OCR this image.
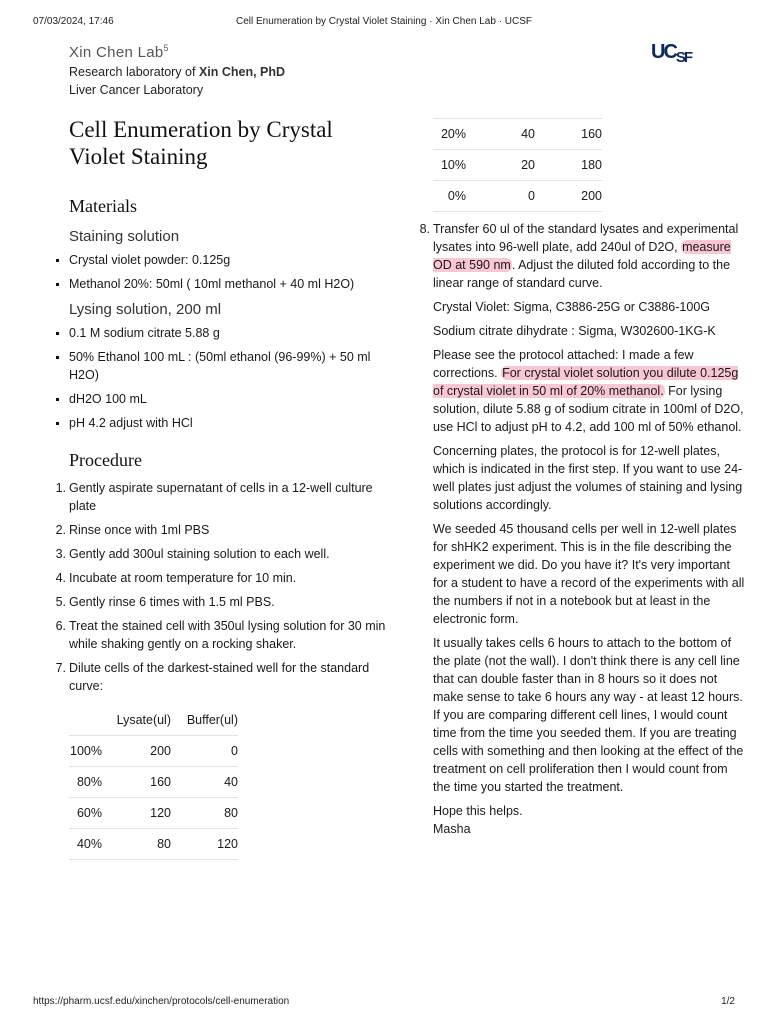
07/03/2024, 17:46	Cell Enumeration by Crystal Violet Staining · Xin Chen Lab · UCSF
https://pharm.ucsf.edu/xinchen/protocols/cell-enumeration	1/2
Xin Chen Lab$^5$
Research laboratory of Xin Chen, PhD
Liver Cancer Laboratory
$UC_{SF}$
Cell Enumeration by Crystal Violet Staining
Materials
Staining solution
Crystal violet powder: 0.125g
Methanol 20%: 50ml ( 10ml methanol + 40 ml H2O)
Lysing solution, 200 ml
0.1 M sodium citrate 5.88 g
50% Ethanol 100 mL : (50ml ethanol (96-99%) + 50 ml H2O)
dH2O 100 mL
pH 4.2 adjust with HCl
Procedure
1. Gently aspirate supernatant of cells in a 12-well culture plate
2. Rinse once with 1ml PBS
3. Gently add 300ul staining solution to each well.
4. Incubate at room temperature for 10 min.
5. Gently rinse 6 times with 1.5 ml PBS.
6. Treat the stained cell with 350ul lysing solution for 30 min while shaking gently on a rocking shaker.
7. Dilute cells of the darkest-stained well for the standard curve:
	Lysate(ul)	Buffer(ul)
100%	200	0
80%	160	40
60%	120	80
40%	80	120
20%	40	160
10%	20	180
0%	0	200
8. Transfer 60 ul of the standard lysates and experimental lysates into 96-well plate, add 240ul of D2O, measure OD at 590 nm. Adjust the diluted fold according to the linear range of standard curve.

Crystal Violet: Sigma, C3886-25G or C3886-100G

Sodium citrate dihydrate : Sigma, W302600-1KG-K

Please see the protocol attached: I made a few corrections. For crystal violet solution you dilute 0.125g of crystal violet in 50 ml of 20% methanol. For lysing solution, dilute 5.88 g of sodium citrate in 100ml of D2O, use HCl to adjust pH to 4.2, add 100 ml of 50% ethanol.

Concerning plates, the protocol is for 12-well plates, which is indicated in the first step. If you want to use 24-well plates just adjust the volumes of staining and lysing solutions accordingly.

We seeded 45 thousand cells per well in 12-well plates for shHK2 experiment. This is in the file describing the experiment we did. Do you have it? It's very important for a student to have a record of the experiments with all the numbers if not in a notebook but at least in the electronic form.

It usually takes cells 6 hours to attach to the bottom of the plate (not the wall). I don't think there is any cell line that can double faster than in 8 hours so it does not make sense to take 6 hours any way - at least 12 hours. If you are comparing different cell lines, I would count time from the time you seeded them. If you are treating cells with something and then looking at the effect of the treatment on cell proliferation then I would count from the time you started the treatment.

Hope this helps.
Masha
